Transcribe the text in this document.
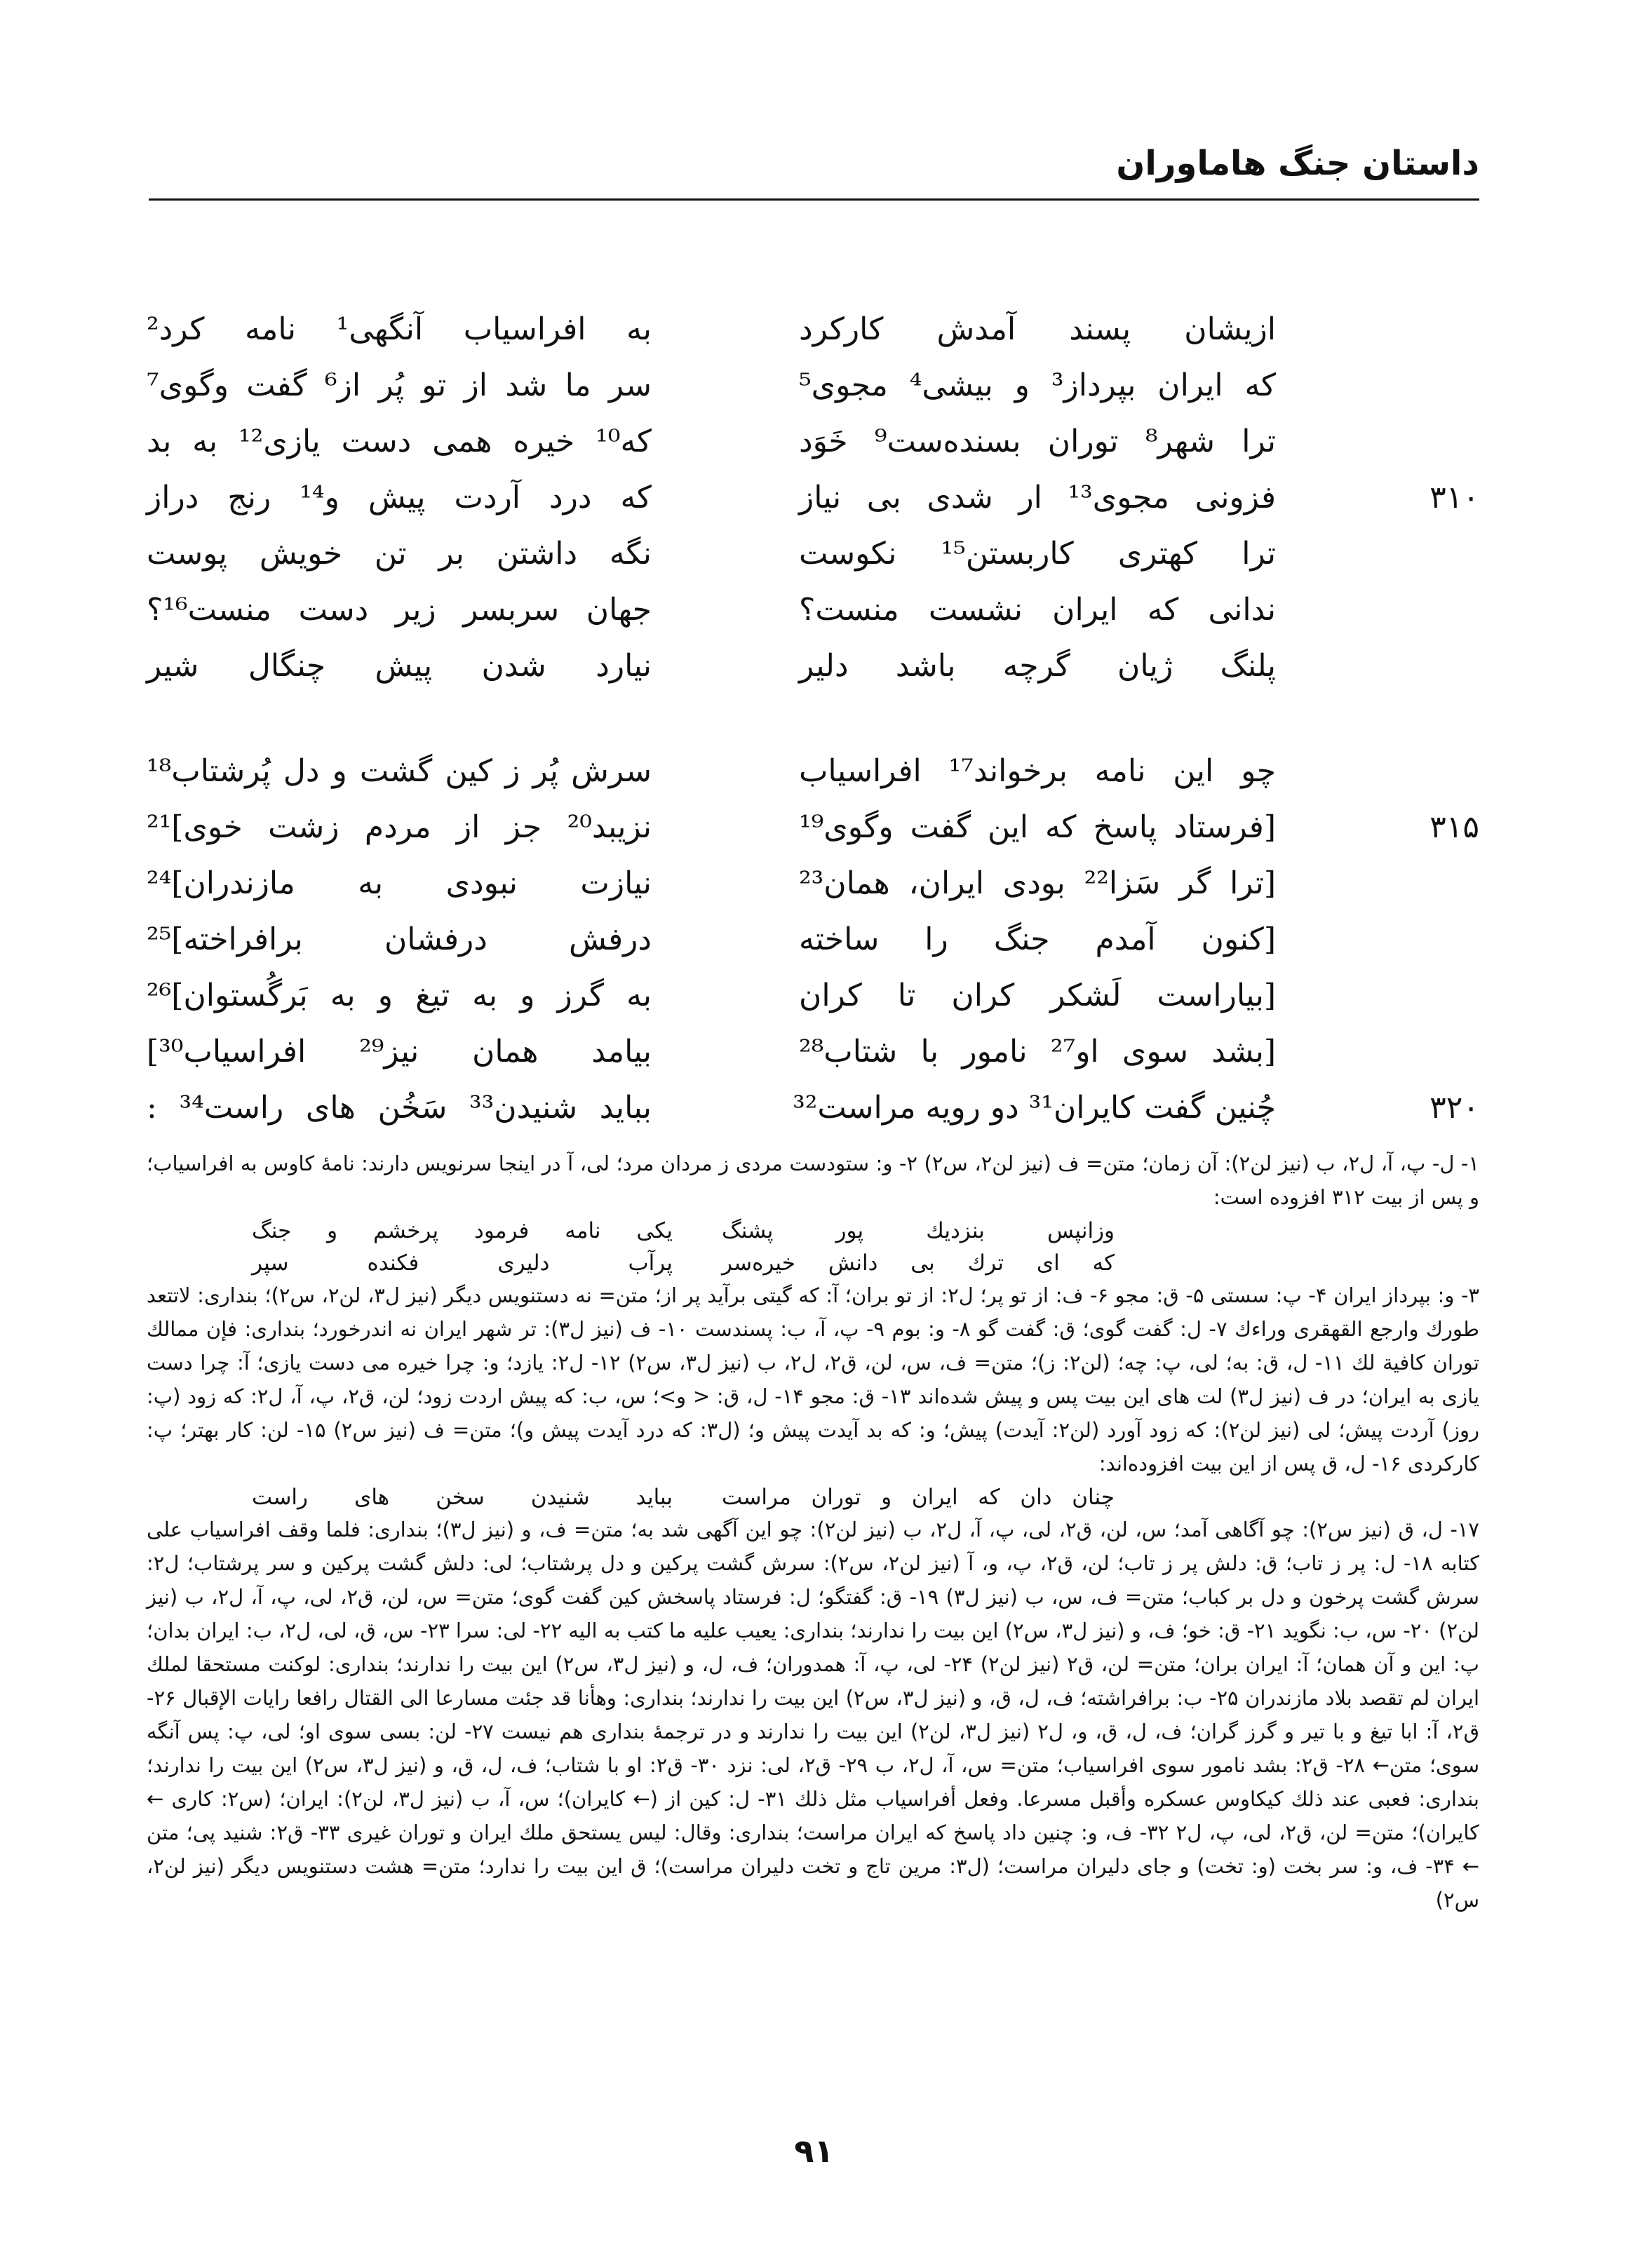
داستان جنگ هاماوران
ازیشان پسند آمدش کارکرد
به افراسیاب آنگهی¹ نامه کرد²
که ایران بپرداز³ و بیشی⁴ مجوی⁵
سر ما شد از تو پُر از⁶ گفت وگوی⁷
ترا شهر⁸ توران بسنده‌ست⁹ خَوَد
که¹⁰ خیره همی دست یازی¹² به بد
۳۱۰
فزونی مجوی¹³ ار شدی بی نیاز
که درد آردت پیش و¹⁴ رنج دراز
ترا کهتری کاربستن¹⁵ نکوست
نگه داشتن بر تن خویش پوست
ندانی که ایران نشست منست؟
جهان سربسر زیر دست منست¹⁶؟
پلنگ ژیان گرچه باشد دلیر
نیارد شدن پیش چنگال شیر
چو این نامه برخواند¹⁷ افراسیاب
سرش پُر ز کین گشت و دل پُرشتاب¹⁸
۳۱۵
[فرستاد پاسخ که این گفت وگوی¹⁹
نزیبد²⁰ جز از مردم زشت خوی]²¹
[ترا گر سَزا²² بودی ایران، همان²³
نیازت نبودی به مازندران]²⁴
[کنون آمدم جنگ را ساخته
درفش درفشان برافراخته]²⁵
[بیاراست لَشکر کران تا کران
به گرز و به تیغ و به بَرگُستوان]²⁶
[بشد سوی او²⁷ نامور با شتاب²⁸
بیامد همان نیز²⁹ افراسیاب³⁰]
۳۲۰
چُنین گفت کایران³¹ دو رویه مراست³²
بباید شنیدن³³ سَخُن های راست³⁴ :

۱- ل- پ، آ، ل۲، ب (نیز لن۲): آن زمان؛ متن= ف (نیز لن۲، س۲) ۲- و: ستودست مردی ز مردان مرد؛ لی، آ در اینجا سرنویس دارند: نامهٔ کاوس به افراسیاب؛ و پس از بیت ۳۱۲ افزوده است:

وزانپس بنزدیك پور پشنگ
یکی نامه فرمود پرخشم و جنگ
که ای ترك بی دانش خیره‌سر
پرآب دلیری فکنده سپر

۳- و: بپرداز ایران ۴- پ: سستی ۵- ق: مجو ۶- ف: از تو پر؛ ل۲: از تو بران؛ آ: که گیتی برآید پر از؛ متن= نه دستنویس دیگر (نیز ل۳، لن۲، س۲)؛ بنداری: لاتتعد طورك وارجع القهقری وراءك ۷- ل: گفت گوی؛ ق: گفت گو ۸- و: بوم ۹- پ، آ، ب: پسندست ۱۰- ف (نیز ل۳): تر شهر ایران نه اندرخورد؛ بنداری: فإن ممالك توران کافیة لك ۱۱- ل، ق: به؛ لی، پ: چه؛ (لن۲: ز)؛ متن= ف، س، لن، ق۲، ل۲، ب (نیز ل۳، س۲) ۱۲- ل۲: یازد؛ و: چرا خیره می دست یازی؛ آ: چرا دست یازی به ایران؛ در ف (نیز ل۳) لت های این بیت پس و پیش شده‌اند ۱۳- ق: مجو ۱۴- ل، ق: < و>؛ س، ب: که پیش اردت زود؛ لن، ق۲، پ، آ، ل۲: که زود (پ: روز) آردت پیش؛ لی (نیز لن۲): که زود آورد (لن۲: آیدت) پیش؛ و: که بد آیدت پیش و؛ (ل۳: که درد آیدت پیش و)؛ متن= ف (نیز س۲) ۱۵- لن: کار بهتر؛ پ: کارکردی ۱۶- ل، ق پس از این بیت افزوده‌اند:

چنان دان که ایران و توران مراست
بباید شنیدن سخن های راست

۱۷- ل، ق (نیز س۲): چو آگاهی آمد؛ س، لن، ق۲، لی، پ، آ، ل۲، ب (نیز لن۲): چو این آگهی شد به؛ متن= ف، و (نیز ل۳)؛ بنداری: فلما وقف افراسیاب علی کتابه ۱۸- ل: پر ز تاب؛ ق: دلش پر ز تاب؛ لن، ق۲، پ، و، آ (نیز لن۲، س۲): سرش گشت پرکین و دل پرشتاب؛ لی: دلش گشت پرکین و سر پرشتاب؛ ل۲: سرش گشت پرخون و دل بر کباب؛ متن= ف، س، ب (نیز ل۳) ۱۹- ق: گفتگو؛ ل: فرستاد پاسخش کین گفت گوی؛ متن= س، لن، ق۲، لی، پ، آ، ل۲، ب (نیز لن۲) ۲۰- س، ب: نگوید ۲۱- ق: خو؛ ف، و (نیز ل۳، س۲) این بیت را ندارند؛ بنداری: یعیب علیه ما کتب به الیه ۲۲- لی: سرا ۲۳- س، ق، لی، ل۲، ب: ایران بدان؛ پ: این و آن همان؛ آ: ایران بران؛ متن= لن، ق۲ (نیز لن۲) ۲۴- لی، پ، آ: همدوران؛ ف، ل، و (نیز ل۳، س۲) این بیت را ندارند؛ بنداری: لوکنت مستحقا لملك ایران لم تقصد بلاد مازندران ۲۵- ب: برافراشته؛ ف، ل، ق، و (نیز ل۳، س۲) این بیت را ندارند؛ بنداری: وهأنا قد جئت مسارعا الی القتال رافعا رایات الإقبال ۲۶- ق۲، آ: ابا تیغ و با تیر و گرز گران؛ ف، ل، ق، و، ل۲ (نیز ل۳، لن۲) این بیت را ندارند و در ترجمهٔ بنداری هم نیست ۲۷- لن: بسی سوی او؛ لی، پ: پس آنگه سوی؛ متن← ۲۸- ق۲: بشد نامور سوی افراسیاب؛ متن= س، آ، ل۲، ب ۲۹- ق۲، لی: نزد ۳۰- ق۲: او با شتاب؛ ف، ل، ق، و (نیز ل۳، س۲) این بیت را ندارند؛ بنداری: فعبی عند ذلك کیکاوس عسکره وأقبل مسرعا. وفعل أفراسیاب مثل ذلك ۳۱- ل: کین از (← کایران)؛ س، آ، ب (نیز ل۳، لن۲): ایران؛ (س۲: کاری ← کایران)؛ متن= لن، ق۲، لی، پ، ل۲ ۳۲- ف، و: چنین داد پاسخ که ایران مراست؛ بنداری: وقال: لیس یستحق ملك ایران و توران غیری ۳۳- ق۲: شنید پی؛ متن ← ۳۴- ف، و: سر بخت (و: تخت) و جای دلیران مراست؛ (ل۳: مرین تاج و تخت دلیران مراست)؛ ق این بیت را ندارد؛ متن= هشت دستنویس دیگر (نیز لن۲، س۲)

۹۱
